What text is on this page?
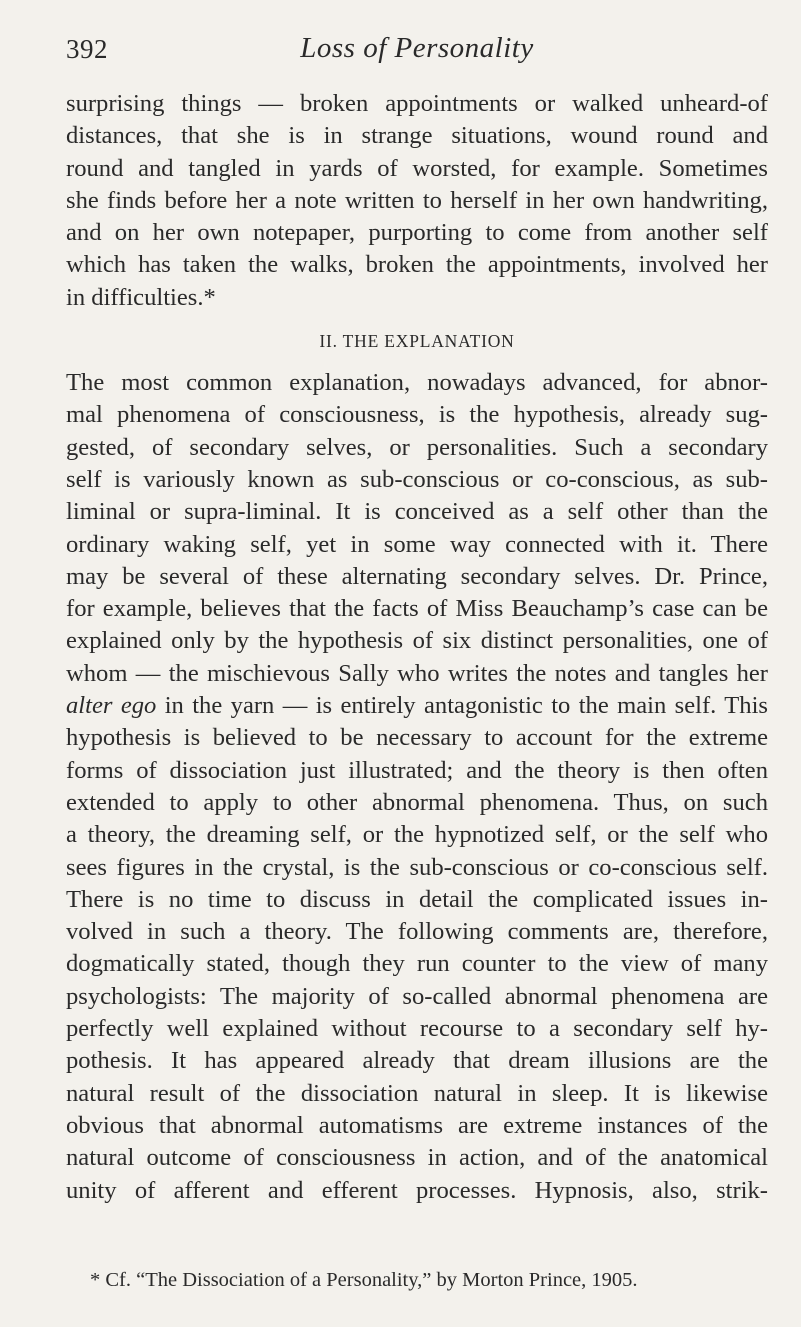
392	Loss of Personality

surprising things — broken appointments or walked unheard-of
distances, that she is in strange situations, wound round and
round and tangled in yards of worsted, for example. Sometimes
she finds before her a note written to herself in her own handwriting,
and on her own notepaper, purporting to come from another self
which has taken the walks, broken the appointments, involved her
in difficulties.*

II. THE EXPLANATION

The most common explanation, nowadays advanced, for abnor-
mal phenomena of consciousness, is the hypothesis, already sug-
gested, of secondary selves, or personalities. Such a secondary
self is variously known as sub-conscious or co-conscious, as sub-
liminal or supra-liminal. It is conceived as a self other than the
ordinary waking self, yet in some way connected with it. There
may be several of these alternating secondary selves. Dr. Prince,
for example, believes that the facts of Miss Beauchamp’s case can be
explained only by the hypothesis of six distinct personalities, one of
whom — the mischievous Sally who writes the notes and tangles her
alter ego in the yarn — is entirely antagonistic to the main self. This
hypothesis is believed to be necessary to account for the extreme
forms of dissociation just illustrated; and the theory is then often
extended to apply to other abnormal phenomena. Thus, on such
a theory, the dreaming self, or the hypnotized self, or the self who
sees figures in the crystal, is the sub-conscious or co-conscious self.
There is no time to discuss in detail the complicated issues in-
volved in such a theory. The following comments are, therefore,
dogmatically stated, though they run counter to the view of many
psychologists: The majority of so-called abnormal phenomena are
perfectly well explained without recourse to a secondary self hy-
pothesis. It has appeared already that dream illusions are the
natural result of the dissociation natural in sleep. It is likewise
obvious that abnormal automatisms are extreme instances of the
natural outcome of consciousness in action, and of the anatomical
unity of afferent and efferent processes. Hypnosis, also, strik-

* Cf. “The Dissociation of a Personality,” by Morton Prince, 1905.
